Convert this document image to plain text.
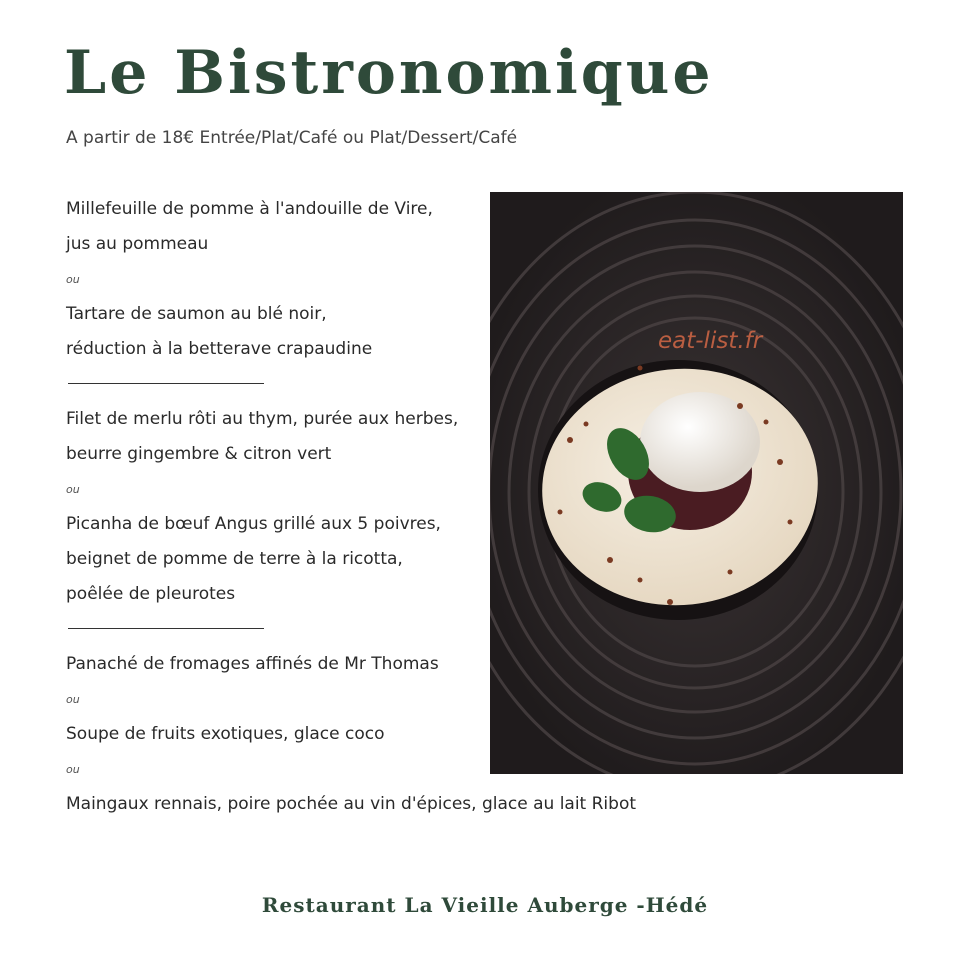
Le Bistronomique
A partir de 18€ Entrée/Plat/Café ou Plat/Dessert/Café
Millefeuille de pomme à l'andouille de Vire,
jus au pommeau
ou
Tartare de saumon au blé noir,
réduction à la betterave crapaudine
Filet de merlu rôti au thym, purée aux herbes,
beurre gingembre & citron vert
ou
Picanha de bœuf Angus grillé aux 5 poivres,
beignet de pomme de terre à la ricotta,
poêlée de pleurotes
Panaché de fromages affinés de Mr Thomas
ou
Soupe de fruits exotiques, glace coco
ou
Maingaux rennais, poire pochée au vin d'épices, glace au lait Ribot
eat-list.fr
Restaurant La Vieille Auberge -Hédé
